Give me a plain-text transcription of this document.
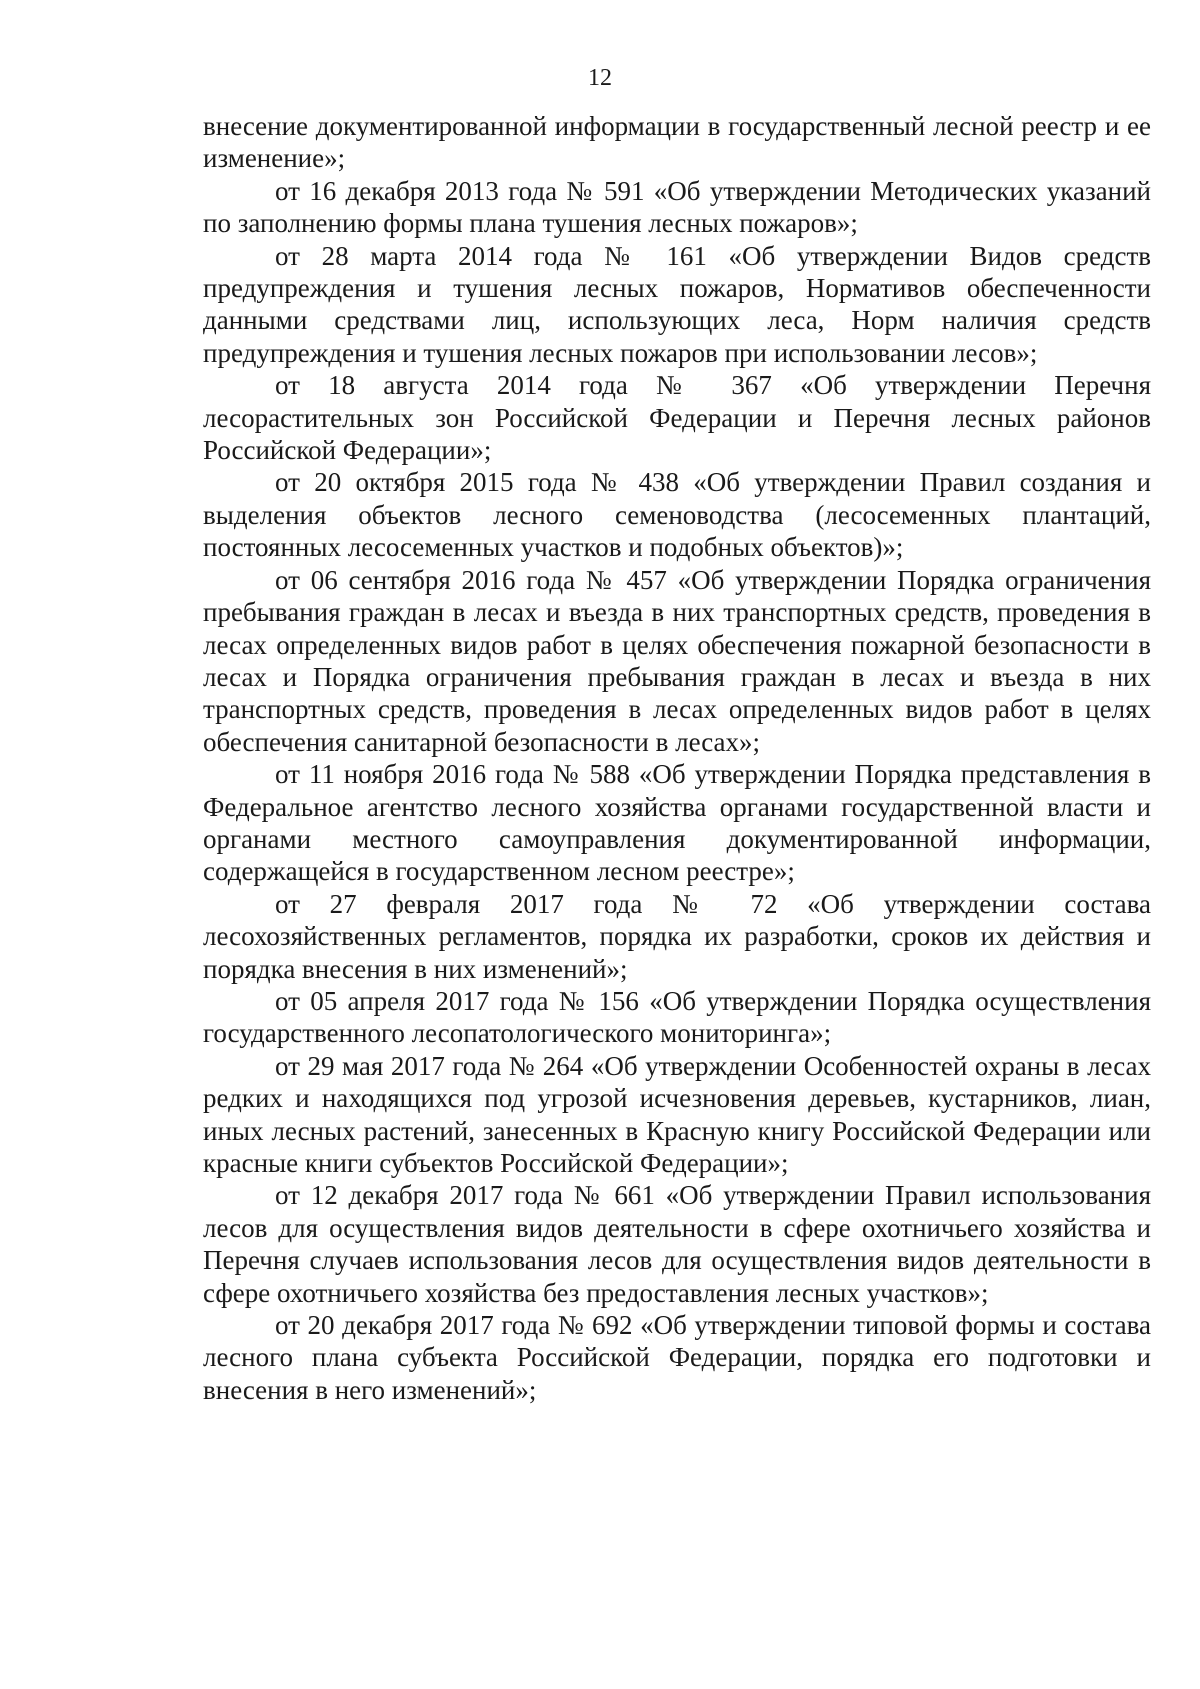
12

внесение документированной информации в государственный лесной реестр и ее изменение»;

от 16 декабря 2013 года № 591 «Об утверждении Методических указаний по заполнению формы плана тушения лесных пожаров»;

от 28 марта 2014 года № 161 «Об утверждении Видов средств предупреждения и тушения лесных пожаров, Нормативов обеспеченности данными средствами лиц, использующих леса, Норм наличия средств предупреждения и тушения лесных пожаров при использовании лесов»;

от 18 августа 2014 года № 367 «Об утверждении Перечня лесорастительных зон Российской Федерации и Перечня лесных районов Российской Федерации»;

от 20 октября 2015 года № 438 «Об утверждении Правил создания и выделения объектов лесного семеноводства (лесосеменных плантаций, постоянных лесосеменных участков и подобных объектов)»;

от 06 сентября 2016 года № 457 «Об утверждении Порядка ограничения пребывания граждан в лесах и въезда в них транспортных средств, проведения в лесах определенных видов работ в целях обеспечения пожарной безопасности в лесах и Порядка ограничения пребывания граждан в лесах и въезда в них транспортных средств, проведения в лесах определенных видов работ в целях обеспечения санитарной безопасности в лесах»;

от 11 ноября 2016 года № 588 «Об утверждении Порядка представления в Федеральное агентство лесного хозяйства органами государственной власти и органами местного самоуправления документированной информации, содержащейся в государственном лесном реестре»;

от 27 февраля 2017 года № 72 «Об утверждении состава лесохозяйственных регламентов, порядка их разработки, сроков их действия и порядка внесения в них изменений»;

от 05 апреля 2017 года № 156 «Об утверждении Порядка осуществления государственного лесопатологического мониторинга»;

от 29 мая 2017 года № 264 «Об утверждении Особенностей охраны в лесах редких и находящихся под угрозой исчезновения деревьев, кустарников, лиан, иных лесных растений, занесенных в Красную книгу Российской Федерации или красные книги субъектов Российской Федерации»;

от 12 декабря 2017 года № 661 «Об утверждении Правил использования лесов для осуществления видов деятельности в сфере охотничьего хозяйства и Перечня случаев использования лесов для осуществления видов деятельности в сфере охотничьего хозяйства без предоставления лесных участков»;

от 20 декабря 2017 года № 692 «Об утверждении типовой формы и состава лесного плана субъекта Российской Федерации, порядка его подготовки и внесения в него изменений»;
